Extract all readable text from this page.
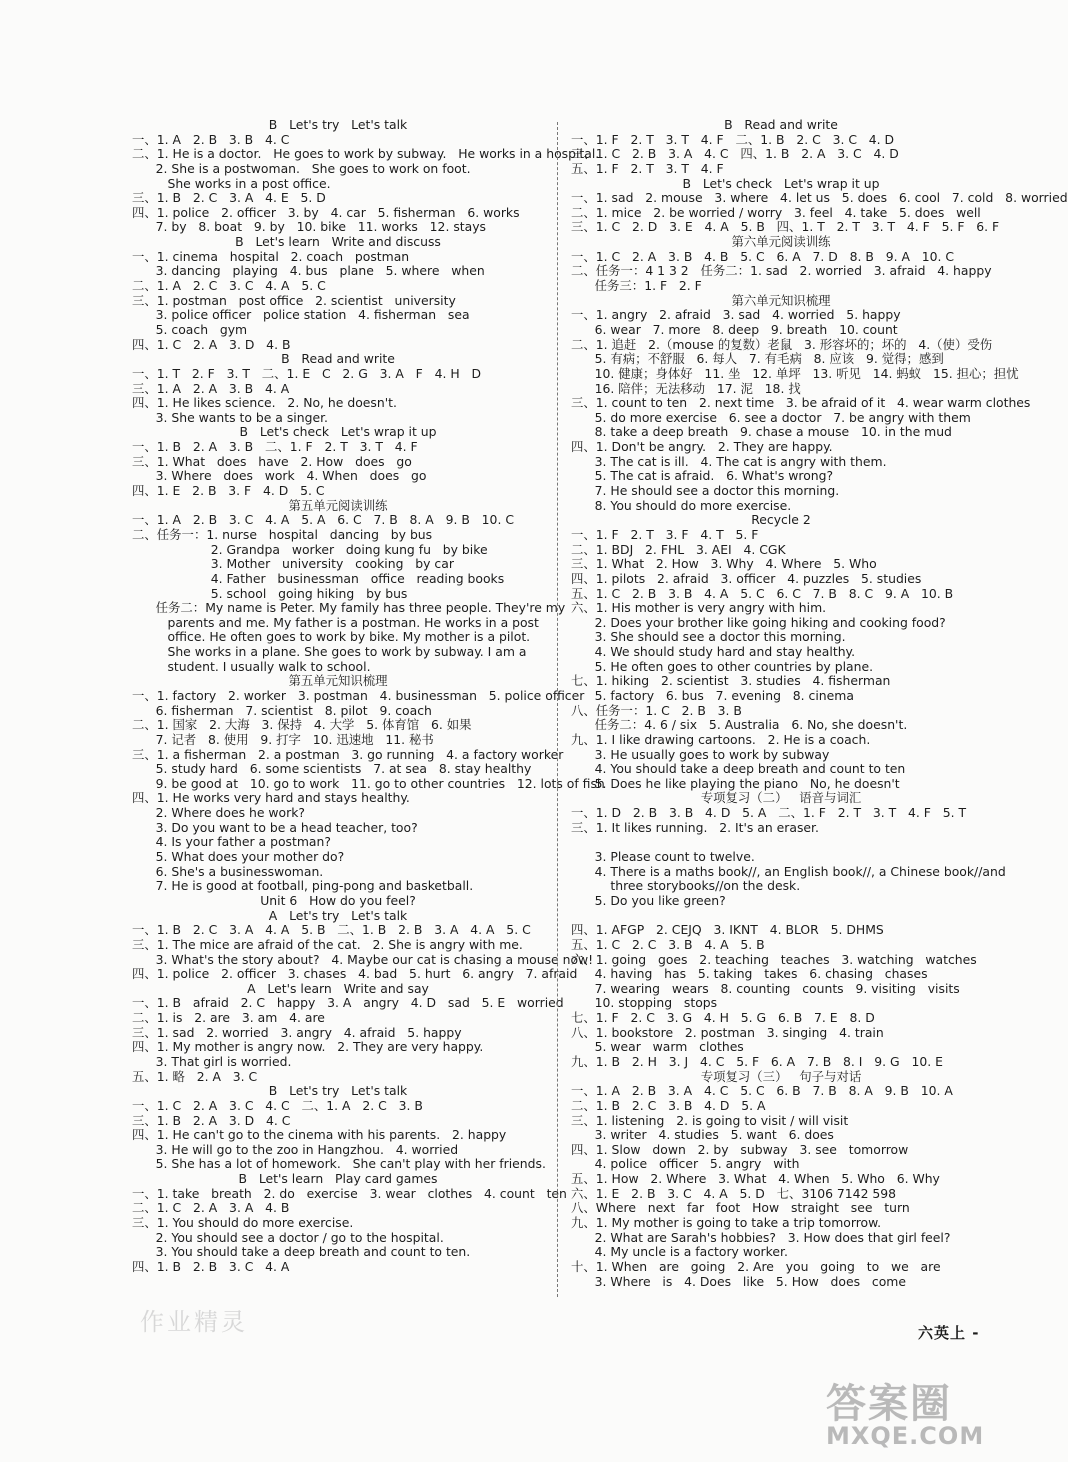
B   Let's try   Let's talk
一、1. A   2. B   3. B   4. C
二、1. He is a doctor.   He goes to work by subway.   He works in a hospital.
2. She is a postwoman.   She goes to work on foot.
She works in a post office.
三、1. B   2. C   3. A   4. E   5. D
四、1. police   2. officer   3. by   4. car   5. fisherman   6. works
7. by   8. boat   9. by   10. bike   11. works   12. stays
B   Let's learn   Write and discuss
一、1. cinema   hospital   2. coach   postman
3. dancing   playing   4. bus   plane   5. where   when
二、1. A   2. C   3. C   4. A   5. C
三、1. postman   post office   2. scientist   university
3. police officer   police station   4. fisherman   sea
5. coach   gym
四、1. C   2. A   3. D   4. B
B   Read and write
一、1. T   2. F   3. T   二、1. E   C   2. G   3. A   F   4. H   D
三、1. A   2. A   3. B   4. A
四、1. He likes science.   2. No, he doesn't.
3. She wants to be a singer.
B   Let's check   Let's wrap it up
一、1. B   2. A   3. B   二、1. F   2. T   3. T   4. F
三、1. What   does   have   2. How   does   go
3. Where   does   work   4. When   does   go
四、1. E   2. B   3. F   4. D   5. C
第五单元阅读训练
一、1. A   2. B   3. C   4. A   5. A   6. C   7. B   8. A   9. B   10. C
二、任务一：1. nurse   hospital   dancing   by bus
2. Grandpa   worker   doing kung fu   by bike
3. Mother   university   cooking   by car
4. Father   businessman   office   reading books
5. school   going hiking   by bus
任务二：My name is Peter. My family has three people. They're my
parents and me. My father is a postman. He works in a post
office. He often goes to work by bike. My mother is a pilot.
She works in a plane. She goes to work by subway. I am a
student. I usually walk to school.
第五单元知识梳理
一、1. factory   2. worker   3. postman   4. businessman   5. police officer
6. fisherman   7. scientist   8. pilot   9. coach
二、1. 国家   2. 大海   3. 保持   4. 大学   5. 体育馆   6. 如果
7. 记者   8. 使用   9. 打字   10. 迅速地   11. 秘书
三、1. a fisherman   2. a postman   3. go running   4. a factory worker
5. study hard   6. some scientists   7. at sea   8. stay healthy
9. be good at   10. go to work   11. go to other countries   12. lots of fish
四、1. He works very hard and stays healthy.
2. Where does he work?
3. Do you want to be a head teacher, too?
4. Is your father a postman?
5. What does your mother do?
6. She's a businesswoman.
7. He is good at football, ping-pong and basketball.
Unit 6   How do you feel?
A   Let's try   Let's talk
一、1. B   2. C   3. A   4. A   5. B   二、1. B   2. B   3. A   4. A   5. C
三、1. The mice are afraid of the cat.   2. She is angry with me.
3. What's the story about?   4. Maybe our cat is chasing a mouse now!
四、1. police   2. officer   3. chases   4. bad   5. hurt   6. angry   7. afraid
A   Let's learn   Write and say
一、1. B   afraid   2. C   happy   3. A   angry   4. D   sad   5. E   worried
二、1. is   2. are   3. am   4. are
三、1. sad   2. worried   3. angry   4. afraid   5. happy
四、1. My mother is angry now.   2. They are very happy.
3. That girl is worried.
五、1. 略   2. A   3. C
B   Let's try   Let's talk
一、1. C   2. A   3. C   4. C   二、1. A   2. C   3. B
三、1. B   2. A   3. D   4. C
四、1. He can't go to the cinema with his parents.   2. happy
3. He will go to the zoo in Hangzhou.   4. worried
5. She has a lot of homework.   She can't play with her friends.
B   Let's learn   Play card games
一、1. take   breath   2. do   exercise   3. wear   clothes   4. count   ten
二、1. C   2. A   3. A   4. B
三、1. You should do more exercise.
2. You should see a doctor / go to the hospital.
3. You should take a deep breath and count to ten.
四、1. B   2. B   3. C   4. A
B   Read and write
一、1. F   2. T   3. T   4. F   二、1. B   2. C   3. C   4. D
三、1. C   2. B   3. A   4. C   四、1. B   2. A   3. C   4. D
五、1. F   2. T   3. T   4. F
B   Let's check   Let's wrap it up
一、1. sad   2. mouse   3. where   4. let us   5. does   6. cool   7. cold   8. worried
二、1. mice   2. be worried / worry   3. feel   4. take   5. does   well
三、1. C   2. D   3. E   4. A   5. B   四、1. T   2. T   3. T   4. F   5. F   6. F
第六单元阅读训练
一、1. C   2. A   3. B   4. B   5. C   6. A   7. D   8. B   9. A   10. C
二、任务一：4 1 3 2   任务二：1. sad   2. worried   3. afraid   4. happy
任务三：1. F   2. F
第六单元知识梳理
一、1. angry   2. afraid   3. sad   4. worried   5. happy
6. wear   7. more   8. deep   9. breath   10. count
二、1. 追赶   2.（mouse 的复数）老鼠   3. 形容坏的；坏的   4.（使）受伤
5. 有病；不舒服   6. 每人   7. 有毛病   8. 应该   9. 觉得；感到
10. 健康；身体好   11. 坐   12. 单坪   13. 听见   14. 蚂蚁   15. 担心；担忧
16. 陪伴；无法移动   17. 泥   18. 找
三、1. count to ten   2. next time   3. be afraid of it   4. wear warm clothes
5. do more exercise   6. see a doctor   7. be angry with them
8. take a deep breath   9. chase a mouse   10. in the mud
四、1. Don't be angry.   2. They are happy.
3. The cat is ill.   4. The cat is angry with them.
5. The cat is afraid.   6. What's wrong?
7. He should see a doctor this morning.
8. You should do more exercise.
Recycle 2
一、1. F   2. T   3. F   4. T   5. F
二、1. BDJ   2. FHL   3. AEI   4. CGK
三、1. What   2. How   3. Why   4. Where   5. Who
四、1. pilots   2. afraid   3. officer   4. puzzles   5. studies
五、1. C   2. B   3. B   4. A   5. C   6. C   7. B   8. C   9. A   10. B
六、1. His mother is very angry with him.
2. Does your brother like going hiking and cooking food?
3. She should see a doctor this morning.
4. We should study hard and stay healthy.
5. He often goes to other countries by plane.
七、1. hiking   2. scientist   3. studies   4. fisherman
5. factory   6. bus   7. evening   8. cinema
八、任务一：1. C   2. B   3. B
任务二：4. 6 / six   5. Australia   6. No, she doesn't.
九、1. I like drawing cartoons.   2. He is a coach.
3. He usually goes to work by subway
4. You should take a deep breath and count to ten
5. Does he like playing the piano   No, he doesn't
专项复习（二）   语音与词汇
一、1. D   2. B   3. B   4. D   5. A   二、1. F   2. T   3. T   4. F   5. T
三、1. It likes running.   2. It's an eraser.
3. Please count to twelve.
4. There is a maths book//, an English book//, a Chinese book//and
three storybooks//on the desk.
5. Do you like green?
四、1. AFGP   2. CEJQ   3. IKNT   4. BLOR   5. DHMS
五、1. C   2. C   3. B   4. A   5. B
六、1. going   goes   2. teaching   teaches   3. watching   watches
4. having   has   5. taking   takes   6. chasing   chases
7. wearing   wears   8. counting   counts   9. visiting   visits
10. stopping   stops
七、1. F   2. C   3. G   4. H   5. G   6. B   7. E   8. D
八、1. bookstore   2. postman   3. singing   4. train
5. wear   warm   clothes
九、1. B   2. H   3. J   4. C   5. F   6. A   7. B   8. I   9. G   10. E
专项复习（三）   句子与对话
一、1. A   2. B   3. A   4. C   5. C   6. B   7. B   8. A   9. B   10. A
二、1. B   2. C   3. B   4. D   5. A
三、1. listening   2. is going to visit / will visit
3. writer   4. studies   5. want   6. does
四、1. Slow   down   2. by   subway   3. see   tomorrow
4. police   officer   5. angry   with
五、1. How   2. Where   3. What   4. When   5. Who   6. Why
六、1. E   2. B   3. C   4. A   5. D   七、3106 7142 598
八、Where   next   far   foot   How   straight   see   turn
九、1. My mother is going to take a trip tomorrow.
2. What are Sarah's hobbies?   3. How does that girl feel?
4. My uncle is a factory worker.
十、1. When   are   going   2. Are   you   going   to   we   are
3. Where   is   4. Does   like   5. How   does   come
六英上 -
作业精灵
答案圈
MXQE.COM
